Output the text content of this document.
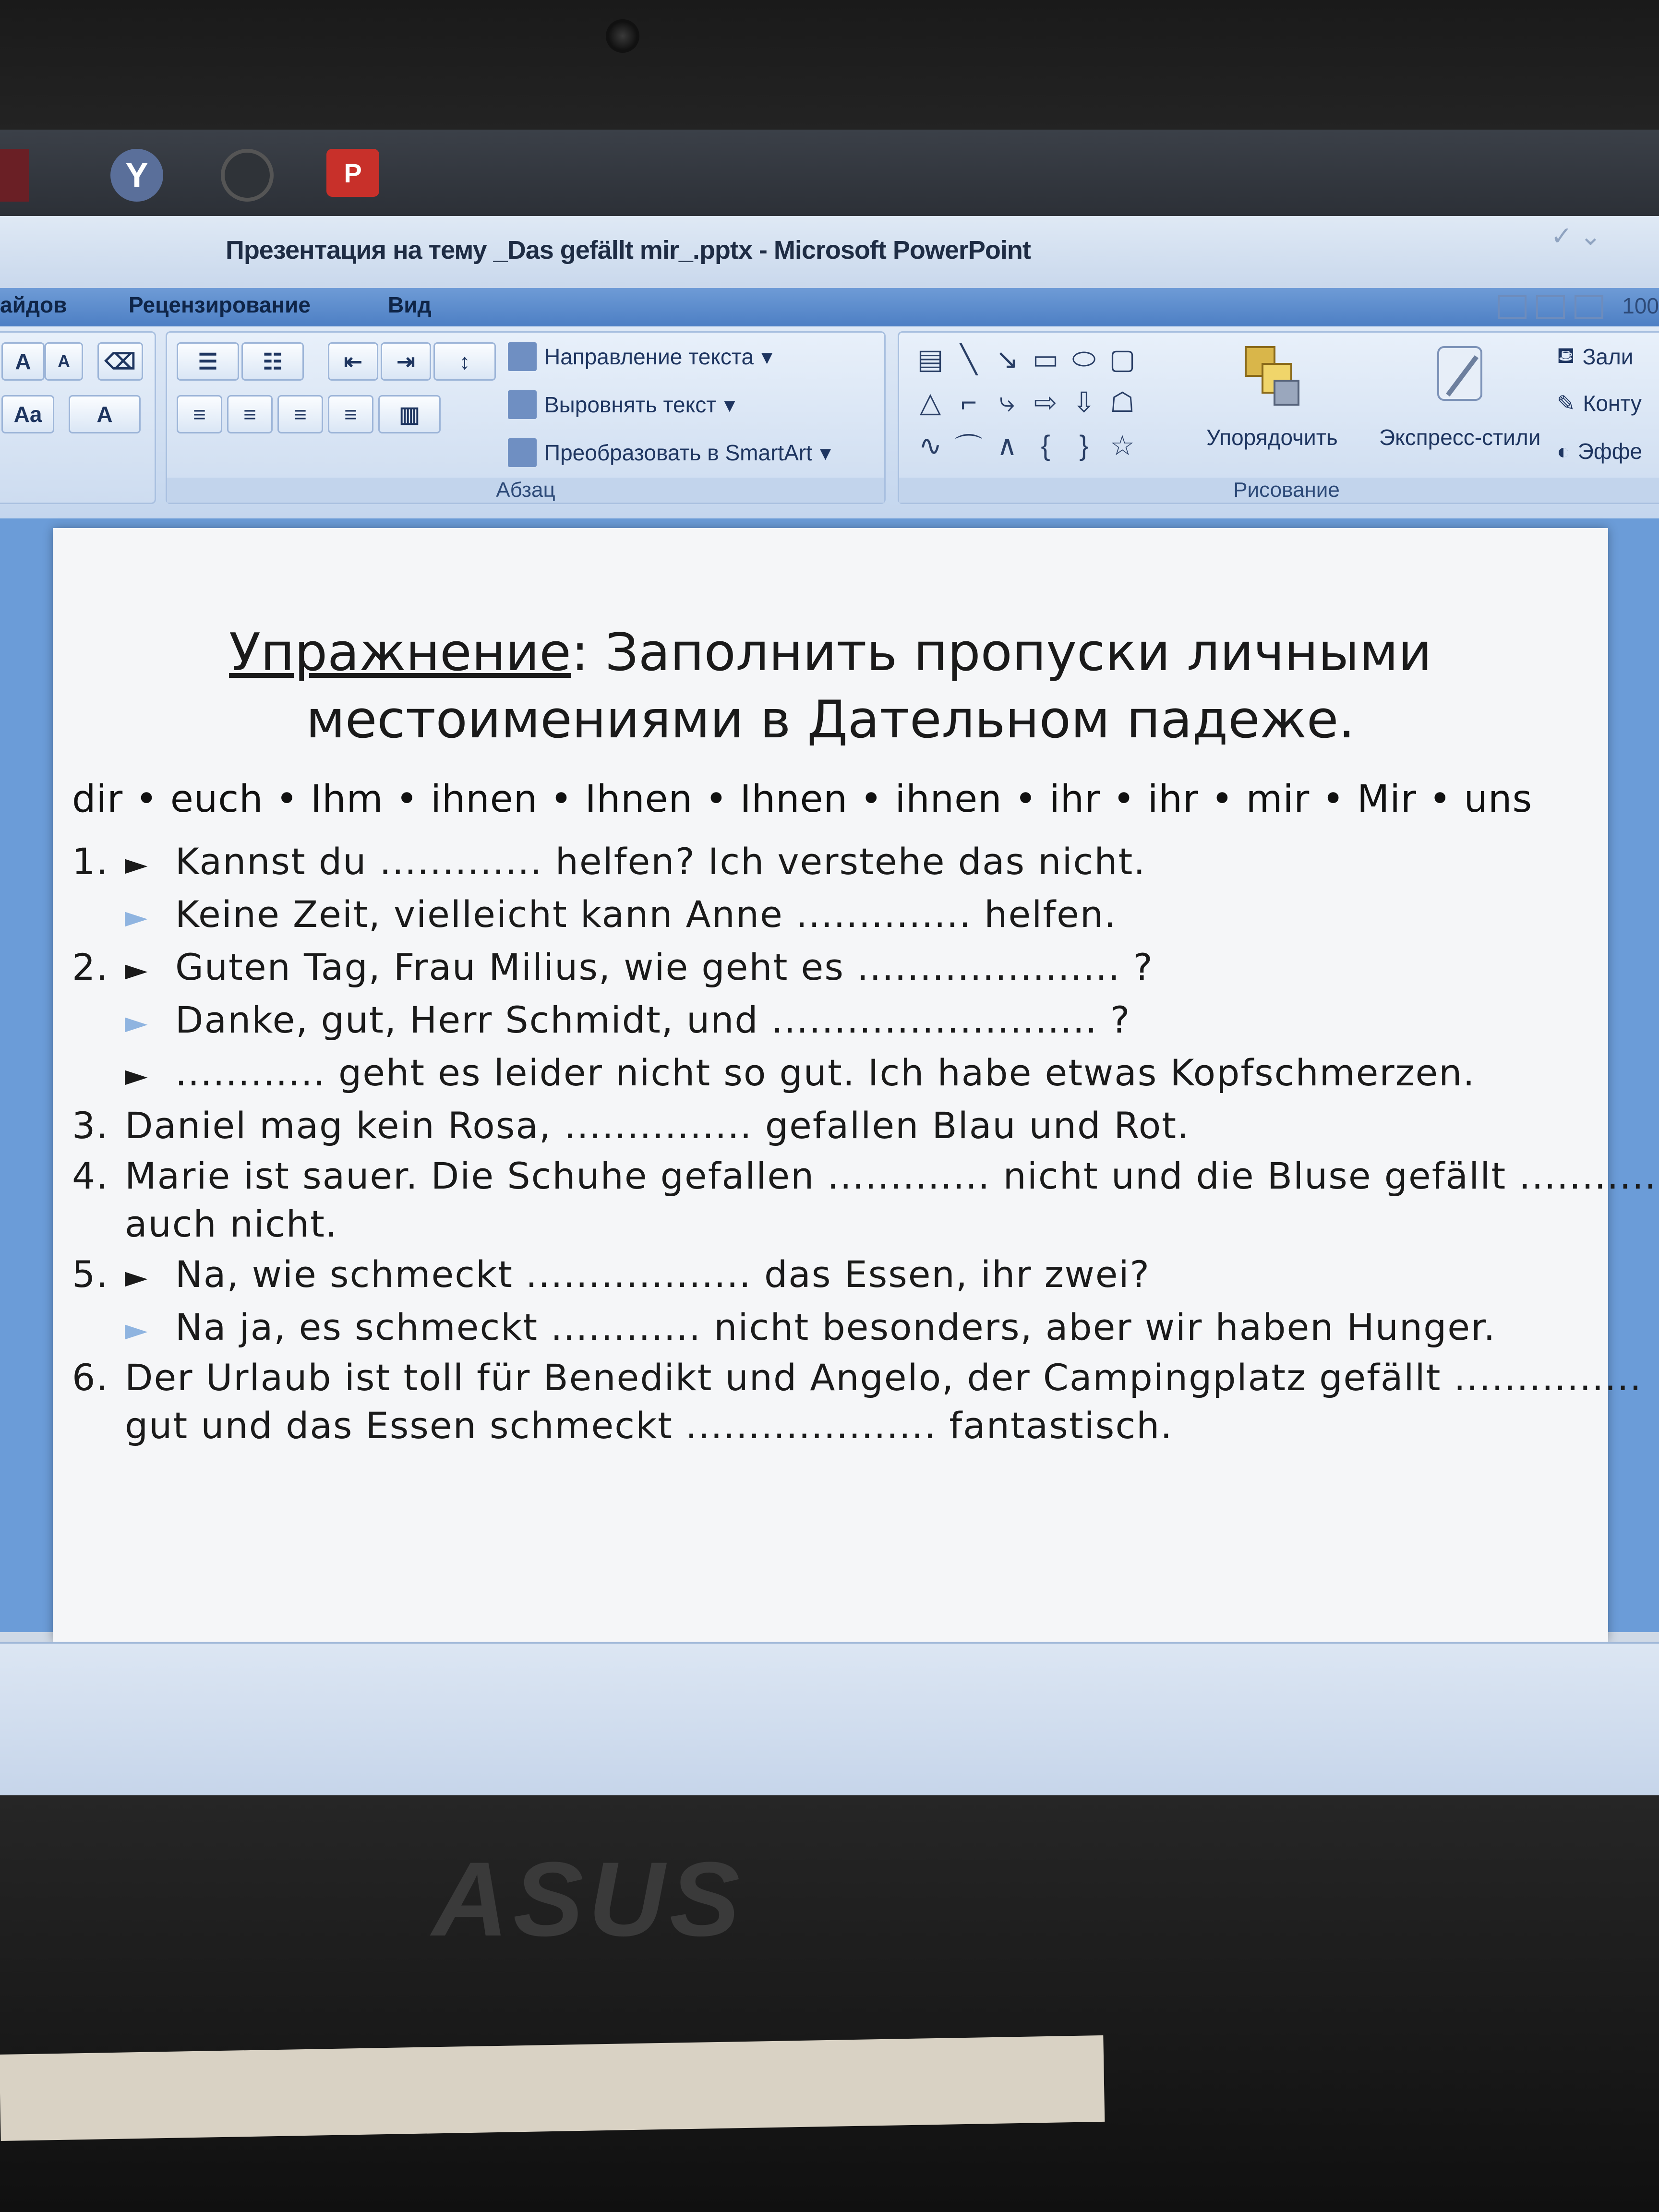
Y	P
Презентация на тему _Das gefällt mir_.pptx - Microsoft PowerPoint	✓ ⌄
айдов	Рецензирование	Вид
A	A	⌫
Aa	A
☰	☷	⇤	⇥	↕
≡	≡	≡	≡	▥
Направление текста ▾
Выровнять текст ▾
Преобразовать в SmartArt ▾
Абзац
▤ ╲ ↘ ▭ ⬭ ▢
△ ⌐ ⤷ ⇨ ⇩ ☖
∿ ⌒ ∧ {	} ☆	Упорядочить Экспресс-стили
⛾ Зали
✎ Конту
◐ Эффе
Рисование
Упражнение: Заполнить пропуски личными
местоимениями в Дательном падеже.
dir • euch • Ihm • ihnen • Ihnen • Ihnen • ihnen • ihr • ihr • mir • Mir • uns
1. ► Kannst du ............. helfen? Ich verstehe das nicht.
► Keine Zeit, vielleicht kann Anne .............. helfen.
2. ► Guten Tag, Frau Milius, wie geht es ..................... ?
► Danke, gut, Herr Schmidt, und .......................... ?
► ............ geht es leider nicht so gut. Ich habe etwas Kopfschmerzen.
3. Daniel mag kein Rosa, ............... gefallen Blau und Rot.
4. Marie ist sauer. Die Schuhe gefallen ............. nicht und die Bluse gefällt ...........
auch nicht.
5. ► Na, wie schmeckt .................. das Essen, ihr zwei?
► Na ja, es schmeckt ............ nicht besonders, aber wir haben Hunger.
6. Der Urlaub ist toll für Benedikt und Angelo, der Campingplatz gefällt ...............
gut und das Essen schmeckt .................... fantastisch.
100
ASUS
